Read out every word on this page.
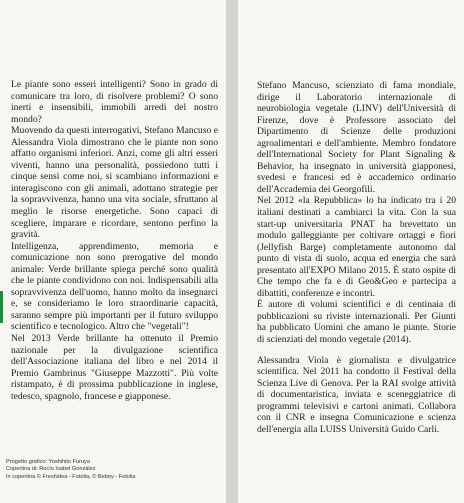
Le piante sono esseri intelligenti? Sono in grado di comunicare tra loro, di risolvere problemi? O sono inerti e insensibili, immobili arredi del nostro mondo?

Muovendo da questi interrogativi, Stefano Mancuso e Alessandra Viola dimostrano che le piante non sono affatto organismi inferiori. Anzi, come gli altri esseri viventi, hanno una personalità, possiedono tutti i cinque sensi come noi, si scambiano informazioni e interagiscono con gli animali, adottano strategie per la sopravvivenza, hanno una vita sociale, sfruttano al meglio le risorse energetiche. Sono capaci di scegliere, imparare e ricordare, sentono perfino la gravità.

Intelligenza, apprendimento, memoria e comunicazione non sono prerogative del mondo animale: Verde brillante spiega perché sono qualità che le piante condividono con noi. Indispensabili alla sopravvivenza dell'uomo, hanno molto da insegnarci e, se consideriamo le loro straordinarie capacità, saranno sempre più importanti per il futuro sviluppo scientifico e tecnologico. Altro che "vegetali"!

Nel 2013 Verde brillante ha ottenuto il Premio nazionale per la divulgazione scientifica dell'Associazione italiana del libro e nel 2014 il Premio Gambrinus "Giuseppe Mazzotti". Più volte ristampato, è di prossima pubblicazione in inglese, tedesco, spagnolo, francese e giapponese.

Progetto grafico: Yoshihito Furuya
Copertina di: Rocío Isabel González
In copertina © Freshidea - Fotolia, © Beboy - Fotolia

Stefano Mancuso, scienziato di fama mondiale, dirige il Laboratorio internazionale di neurobiologia vegetale (LINV) dell'Università di Firenze, dove è Professore associato del Dipartimento di Scienze delle produzioni agroalimentari e dell'ambiente. Membro fondatore dell'International Society for Plant Signaling & Behavior, ha insegnato in università giapponesi, svedesi e francesi ed è accademico ordinario dell'Accademia dei Georgofili.

Nel 2012 «la Repubblica» lo ha indicato tra i 20 italiani destinati a cambiarci la vita. Con la sua start-up universitaria PNAT ha brevettato un modulo galleggiante per coltivare ortaggi e fiori (Jellyfish Barge) completamente autonomo dal punto di vista di suolo, acqua ed energia che sarà presentato all'EXPO Milano 2015. È stato ospite di Che tempo che fa e di Geo&Geo e partecipa a dibattiti, conferenze e incontri.

È autore di volumi scientifici e di centinaia di pubblicazioni su riviste internazionali. Per Giunti ha pubblicato Uomini che amano le piante. Storie di scienziati del mondo vegetale (2014).

Alessandra Viola è giornalista e divulgatrice scientifica. Nel 2011 ha condotto il Festival della Scienza Live di Genova. Per la RAI svolge attività di documentaristica, inviata e sceneggiatrice di programmi televisivi e cartoni animati. Collabora con il CNR e insegna Comunicazione e scienza dell'energia alla LUISS Università Guido Carli.
